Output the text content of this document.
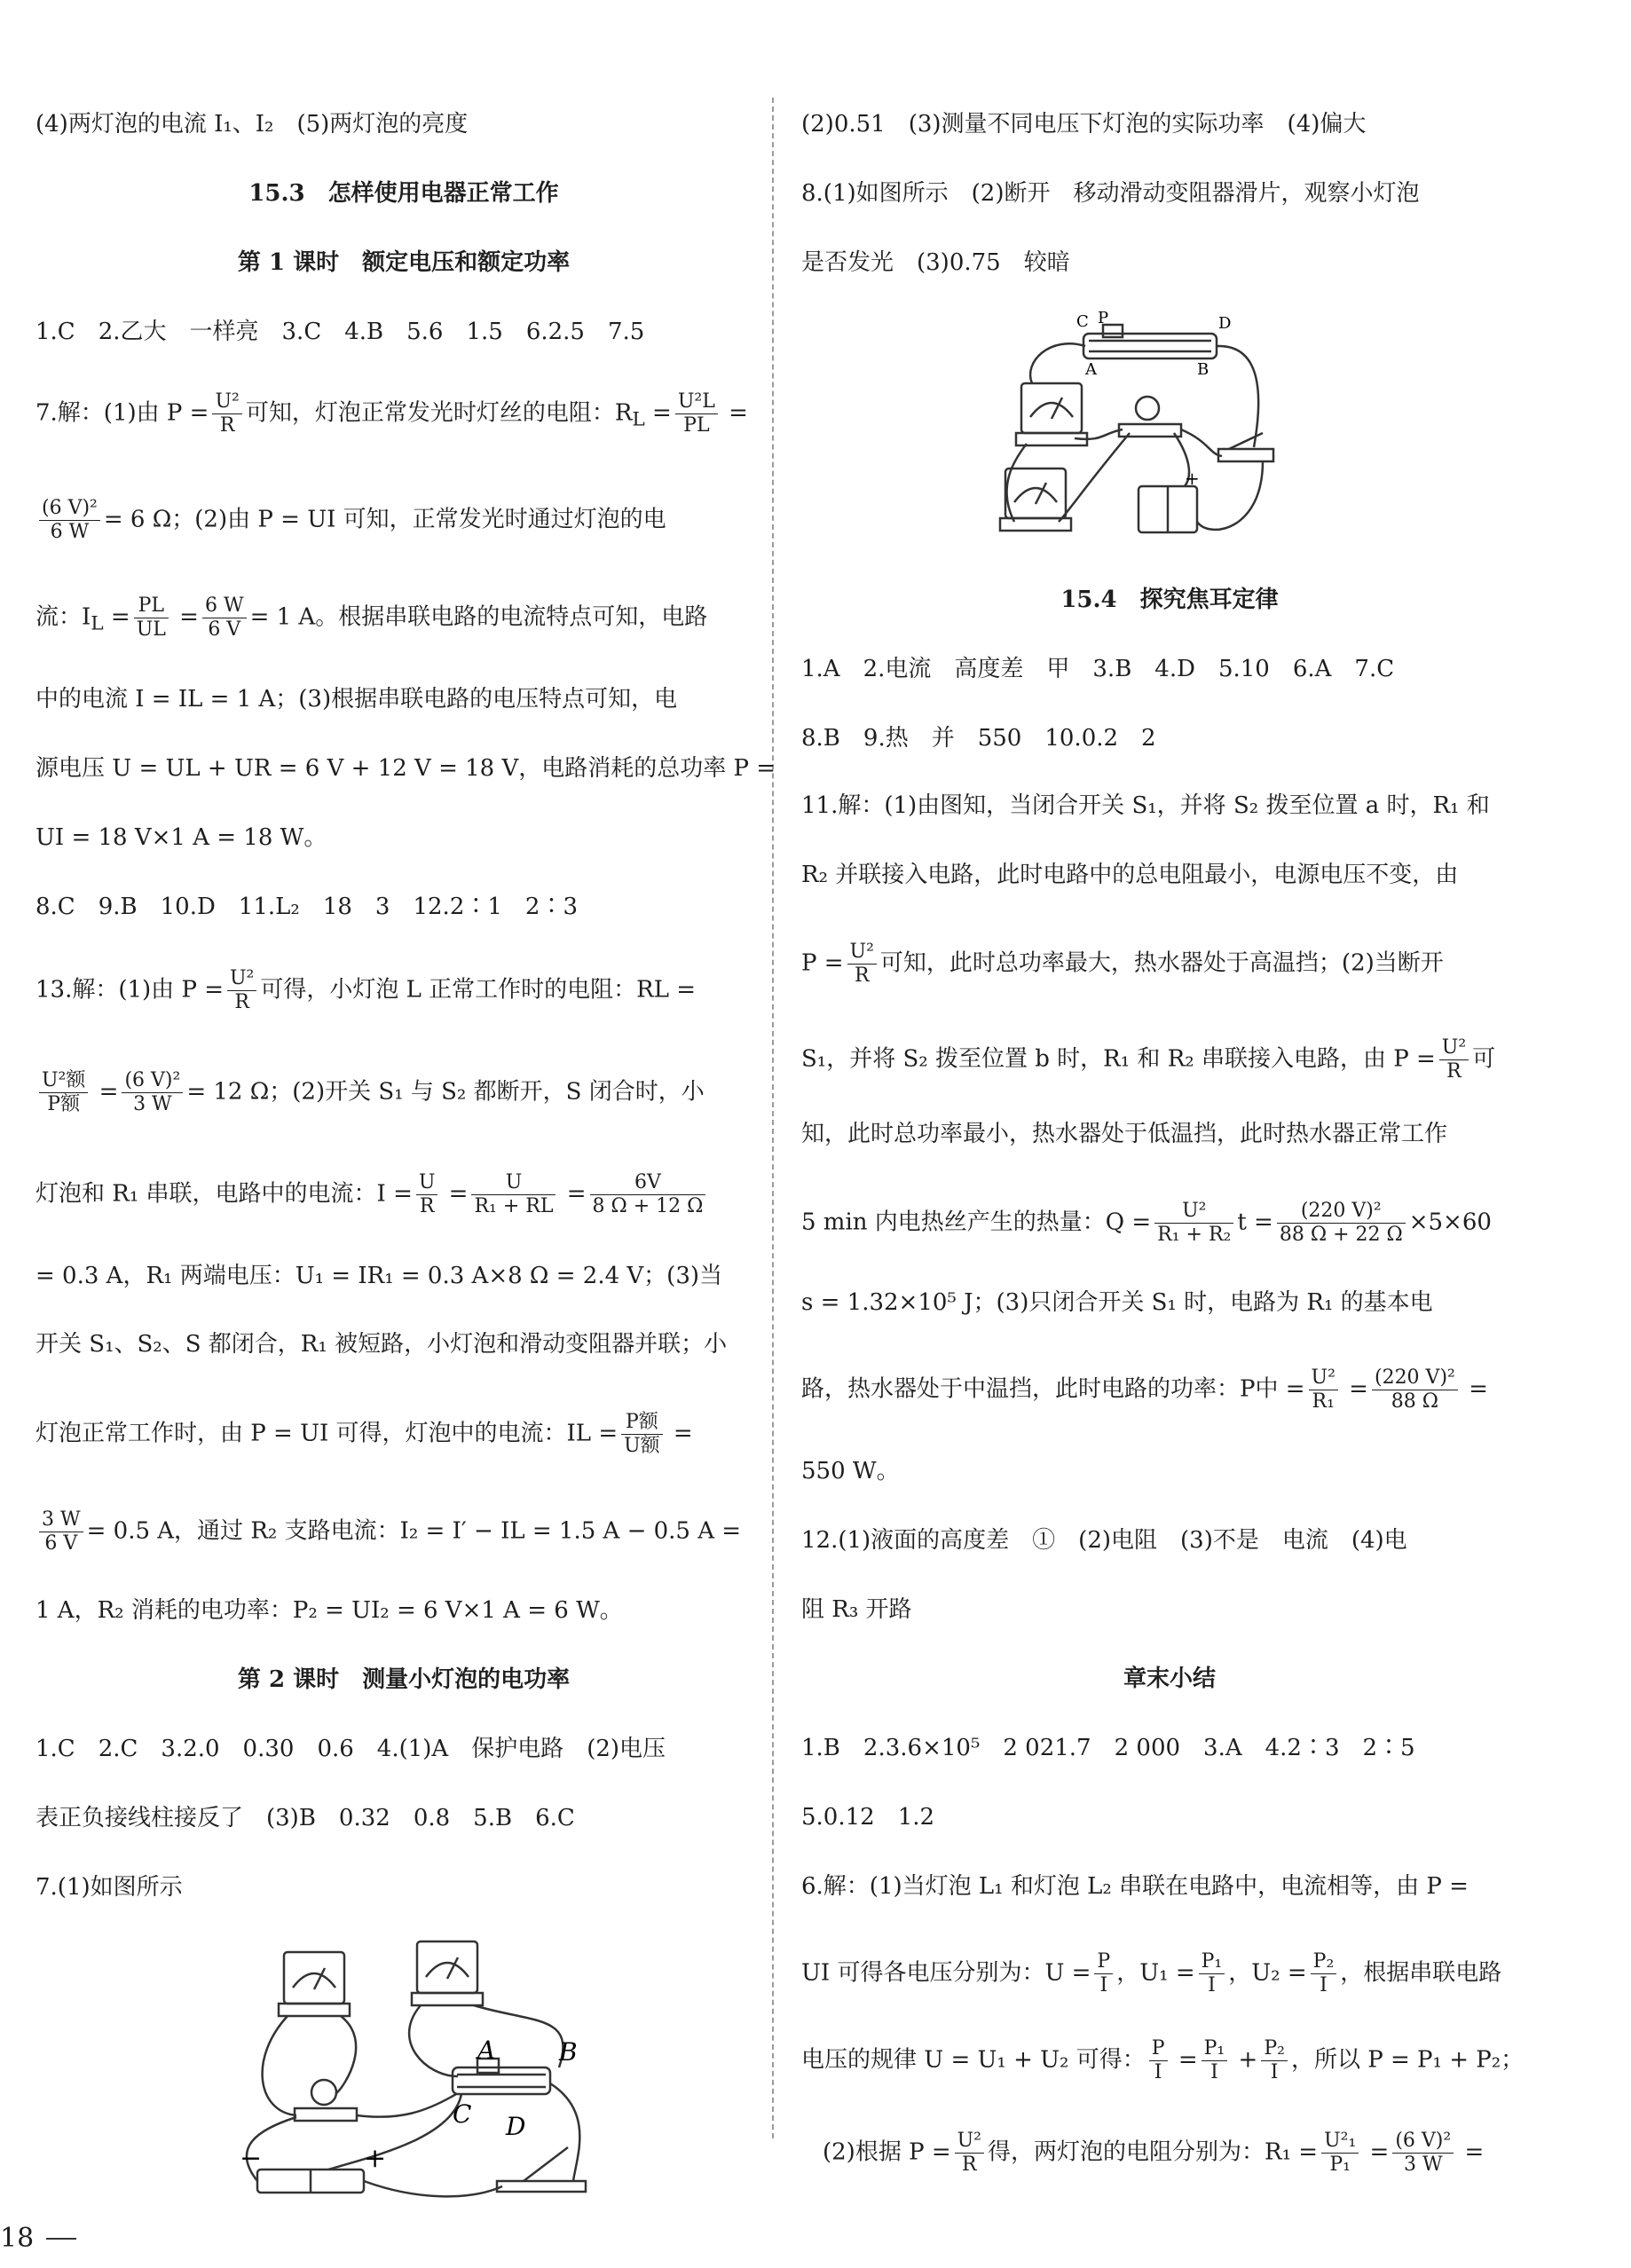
(4)两灯泡的电流 I₁、I₂　(5)两灯泡的亮度
15.3　怎样使用电器正常工作
第 1 课时　额定电压和额定功率
1.C　2.乙大　一样亮　3.C　4.B　5.6　1.5　6.2.5　7.5
7.解：(1)由 $P = \frac{\text{U²}}{R}$ 可知，灯泡正常发光时灯丝的电阻：$R_L = \frac{\text{U²L}}{PL}$ =
$\frac{\text{(6 V)²}}{6 W} = 6$ Ω；(2)由 P = UI 可知，正常发光时通过灯泡的电
流：$I_L = \frac{PL}{UL} = \frac{6 W}{6 V} = 1$ A。根据串联电路的电流特点可知，电路
中的电流 I = IL = 1 A；(3)根据串联电路的电压特点可知，电
源电压 U = UL + UR = 6 V + 12 V = 18 V，电路消耗的总功率 P =
UI = 18 V×1 A = 18 W。
8.C　9.B　10.D　11.L₂　18　3　12.2∶1　2∶3
13.解：(1)由 $P = \frac{\text{U²}}{R}$ 可得，小灯泡 L 正常工作时的电阻：RL =
$\frac{\text{U²额}}{\text{P额}} = \frac{\text{(6 V)²}}{3 W} = 12$ Ω；(2)开关 S₁ 与 S₂ 都断开，S 闭合时，小
灯泡和 R₁ 串联，电路中的电流：$I = \frac{U}{R} = \frac{U}{\text{R₁ + RL}} = \frac{6V}{8 \Omega + 12 \Omega}$
= 0.3 A，R₁ 两端电压：U₁ = IR₁ = 0.3 A×8 Ω = 2.4 V；(3)当
开关 S₁、S₂、S 都闭合，R₁ 被短路，小灯泡和滑动变阻器并联；小
灯泡正常工作时，由 P = UI 可得，灯泡中的电流：IL = $\frac{\text{P额}}{\text{U额}}$ =
$\frac{3 W}{6 V} = 0.5$ A，通过 R₂ 支路电流：I₂ = I′ − IL = 1.5 A − 0.5 A =
1 A，R₂ 消耗的电功率：P₂ = UI₂ = 6 V×1 A = 6 W。
第 2 课时　测量小灯泡的电功率
1.C　2.C　3.2.0　0.30　0.6　4.(1)A　保护电路　(2)电压
表正负接线柱接反了　(3)B　0.32　0.8　5.B　6.C
7.(1)如图所示
A	B
C D
−	+
(2)0.51　(3)测量不同电压下灯泡的实际功率　(4)偏大
8.(1)如图所示　(2)断开　移动滑动变阻器滑片，观察小灯泡
是否发光　(3)0.75　较暗
C P	D
A	B
+
15.4　探究焦耳定律
1.A　2.电流　高度差　甲　3.B　4.D　5.10　6.A　7.C
8.B　9.热　并　550　10.0.2　2
11.解：(1)由图知，当闭合开关 S₁，并将 S₂ 拨至位置 a 时，R₁ 和
R₂ 并联接入电路，此时电路中的总电阻最小，电源电压不变，由
$P = \frac{\text{U²}}{R}$ 可知，此时总功率最大，热水器处于高温挡；(2)当断开
S₁，并将 S₂ 拨至位置 b 时，R₁ 和 R₂ 串联接入电路，由 $P = \frac{\text{U²}}{R}$ 可
知，此时总功率最小，热水器处于低温挡，此时热水器正常工作
5 min 内电热丝产生的热量：$Q = \frac{\text{U²}}{\text{R₁ + R₂}}$ $t = \frac{\text{(220 V)²}}{88 \Omega + 22 \Omega} \times 5\times 60$
s = 1.32×10⁵ J；(3)只闭合开关 S₁ 时，电路为 R₁ 的基本电
路，热水器处于中温挡，此时电路的功率：P中 = $\frac{\text{U²}}{\text{R₁}} = \frac{\text{(220 V)²}}{88 \Omega}$ =
550 W。
12.(1)液面的高度差　①　(2)电阻　(3)不是　电流　(4)电
阻 R₃ 开路
章末小结
1.B　2.3.6×10⁵　2 021.7　2 000　3.A　4.2∶3　2∶5
5.0.12　1.2
6.解：(1)当灯泡 L₁ 和灯泡 L₂ 串联在电路中，电流相等，由 P =
UI 可得各电压分别为：$U = \frac{P}{I}$ ，$U_1 = \frac{\text{P₁}}{I}$ ，$U_2 = \frac{\text{P₂}}{I}$ ，根据串联电路
电压的规律 U = U₁ + U₂ 可得： $\frac{P}{I} = \frac{\text{P₁}}{I} + \frac{\text{P₂}}{I}$ ，所以 P = P₁ + P₂；
(2)根据 $P = \frac{\text{U²}}{R}$ 得，两灯泡的电阻分别为：$R_1 = \frac{\text{U²₁}}{\text{P₁}} = \frac{\text{(6 V)²}}{3 W}$ =
18
